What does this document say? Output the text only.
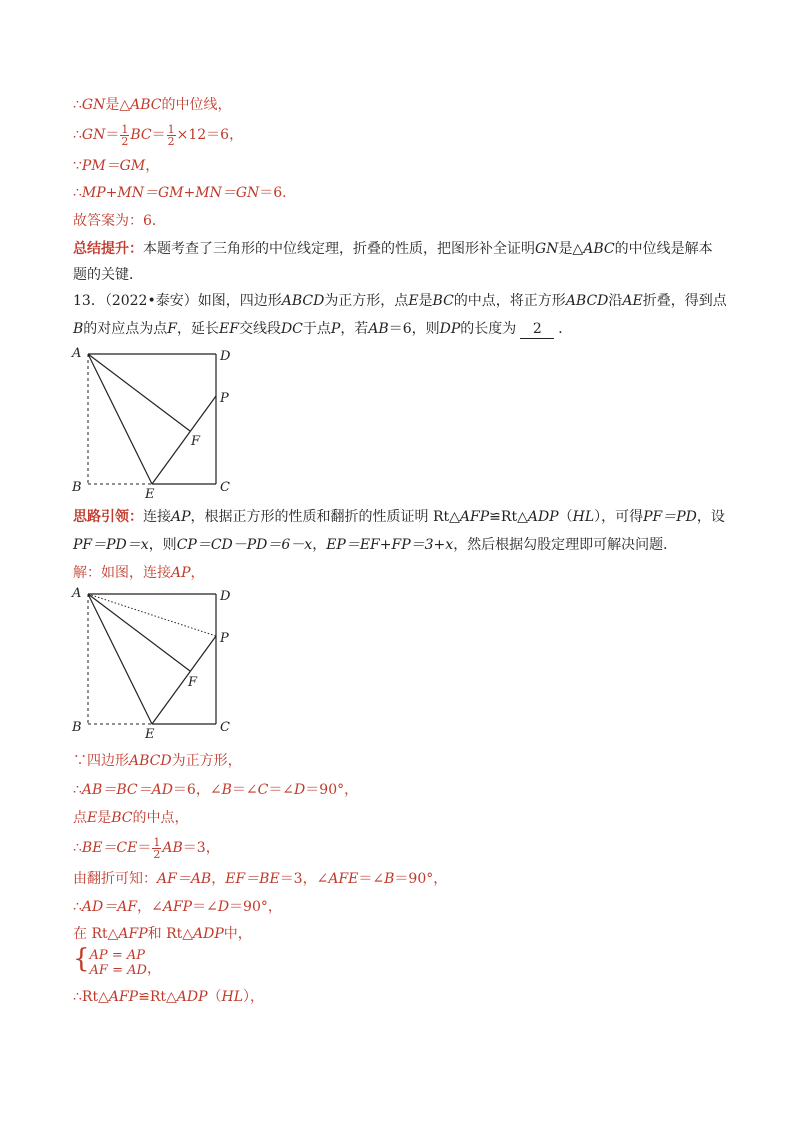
∴GN是△ABC的中位线，
∴GN＝ $\frac{1}{2} BC= \frac{1}{2} \times 12=6$，
∵PM＝GM，
∴MP+MN＝GM+MN＝GN＝6．
故答案为：6．
总结提升：本题考查了三角形的中位线定理，折叠的性质，把图形补全证明GN是△ABC的中位线是解本
题的关键．
13．（2022•泰安）如图，四边形ABCD为正方形，点E是BC的中点，将正方形ABCD沿AE折叠，得到点
B的对应点为点F，延长EF交线段DC于点P，若AB＝6，则DP的长度为 2 ．
A	D
P
F
B	E	C
思路引领：连接AP，根据正方形的性质和翻折的性质证明 Rt△AFP≌Rt△ADP（HL），可得PF＝PD，设
PF＝PD＝x，则CP＝CD－PD＝6－x，EP＝EF+FP＝3+x，然后根据勾股定理即可解决问题．
解：如图，连接AP，
A	D
P
F
B	E	C
∵四边形ABCD为正方形，
∴AB＝BC＝AD＝6，∠B＝∠C＝∠D＝90°，
点E是BC的中点，
∴BE＝CE＝ $\frac{1}{2} AB=3$，
由翻折可知：AF＝AB，EF＝BE＝3，∠AFE＝∠B＝90°，
∴AD＝AF，∠AFP＝∠D＝90°，
在 Rt△AFP和 Rt△ADP中，
{ AP = AP
AF = AD ，
∴Rt△AFP≌Rt△ADP（HL），
